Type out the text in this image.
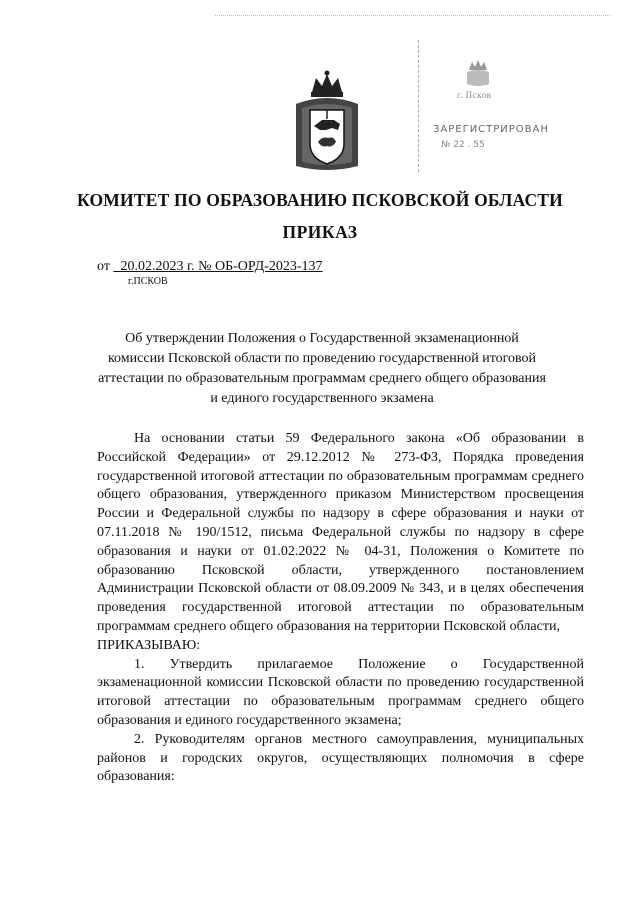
г. Псков
ЗАРЕГИСТРИРОВАН
№ 22 . 55
КОМИТЕТ ПО ОБРАЗОВАНИЮ ПСКОВСКОЙ ОБЛАСТИ
ПРИКАЗ
от 20.02.2023 г. № ОБ-ОРД-2023-137
г.ПСКОВ
Об утверждении Положения о Государственной экзаменационной комиссии Псковской области по проведению государственной итоговой аттестации по образовательным программам среднего общего образования и единого государственного экзамена

На основании статьи 59 Федерального закона «Об образовании в Российской Федерации» от 29.12.2012 № 273-ФЗ, Порядка проведения государственной итоговой аттестации по образовательным программам среднего общего образования, утвержденного приказом Министерством просвещения России и Федеральной службы по надзору в сфере образования и науки от 07.11.2018 № 190/1512, письма Федеральной службы по надзору в сфере образования и науки от 01.02.2022 № 04-31, Положения о Комитете по образованию Псковской области, утвержденного постановлением Администрации Псковской области от 08.09.2009 № 343, и в целях обеспечения проведения государственной итоговой аттестации по образовательным программам среднего общего образования на территории Псковской области,

ПРИКАЗЫВАЮ:

1. Утвердить прилагаемое Положение о Государственной экзаменационной комиссии Псковской области по проведению государственной итоговой аттестации по образовательным программам среднего общего образования и единого государственного экзамена;

2. Руководителям органов местного самоуправления, муниципальных районов и городских округов, осуществляющих полномочия в сфере образования:
